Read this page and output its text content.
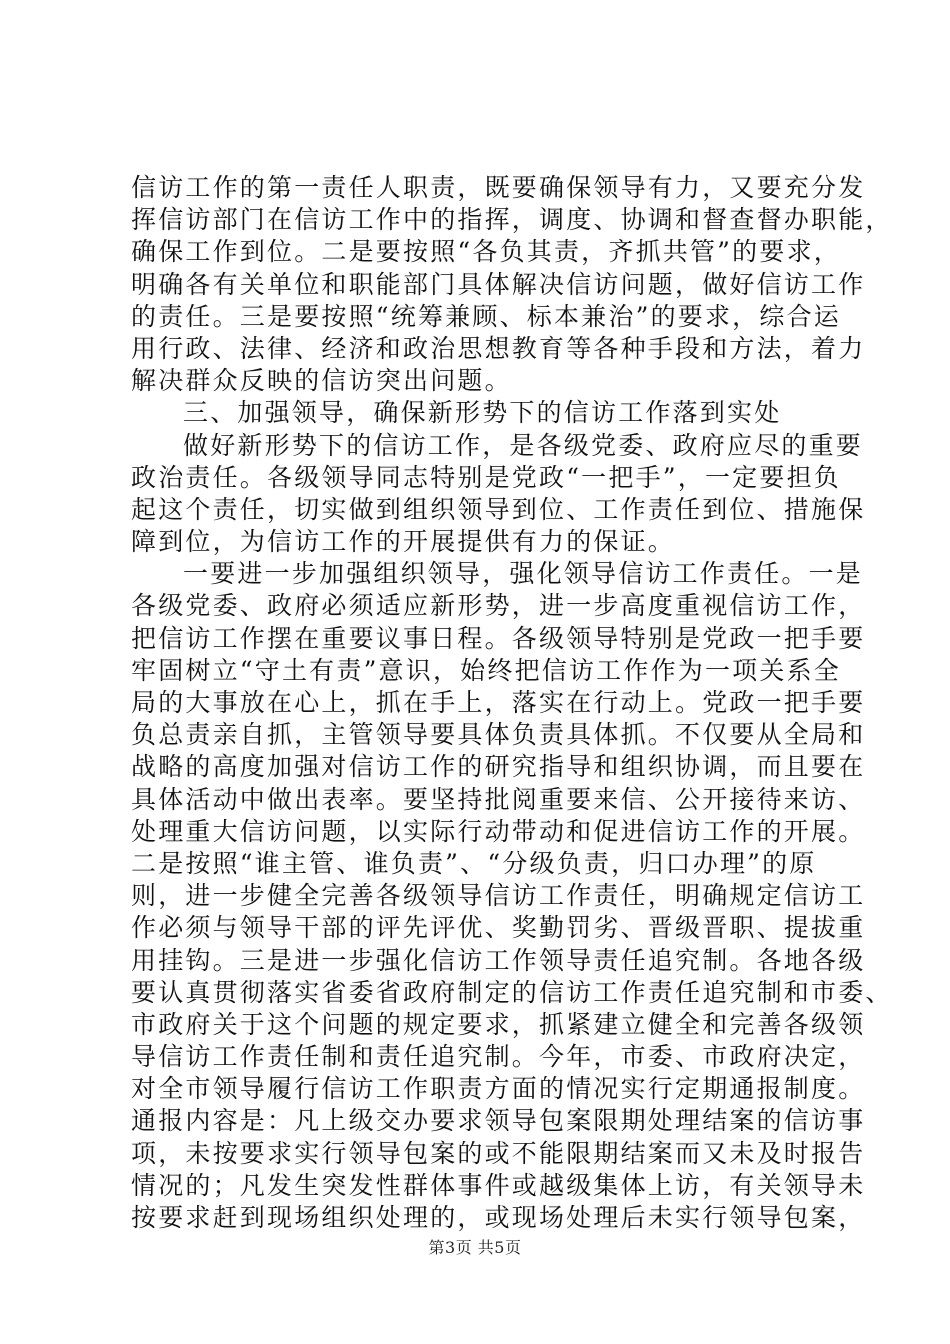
信访工作的第一责任人职责，既要确保领导有力，又要充分发
挥信访部门在信访工作中的指挥，调度、协调和督查督办职能，
确保工作到位。二是要按照“各负其责，齐抓共管”的要求，
明确各有关单位和职能部门具体解决信访问题，做好信访工作
的责任。三是要按照“统筹兼顾、标本兼治”的要求，综合运
用行政、法律、经济和政治思想教育等各种手段和方法，着力
解决群众反映的信访突出问题。
三、加强领导，确保新形势下的信访工作落到实处
做好新形势下的信访工作，是各级党委、政府应尽的重要
政治责任。各级领导同志特别是党政“一把手”，一定要担负
起这个责任，切实做到组织领导到位、工作责任到位、措施保
障到位，为信访工作的开展提供有力的保证。
一要进一步加强组织领导，强化领导信访工作责任。一是
各级党委、政府必须适应新形势，进一步高度重视信访工作，
把信访工作摆在重要议事日程。各级领导特别是党政一把手要
牢固树立“守土有责”意识，始终把信访工作作为一项关系全
局的大事放在心上，抓在手上，落实在行动上。党政一把手要
负总责亲自抓，主管领导要具体负责具体抓。不仅要从全局和
战略的高度加强对信访工作的研究指导和组织协调，而且要在
具体活动中做出表率。要坚持批阅重要来信、公开接待来访、
处理重大信访问题，以实际行动带动和促进信访工作的开展。
二是按照“谁主管、谁负责”、“分级负责，归口办理”的原
则，进一步健全完善各级领导信访工作责任，明确规定信访工
作必须与领导干部的评先评优、奖勤罚劣、晋级晋职、提拔重
用挂钩。三是进一步强化信访工作领导责任追究制。各地各级
要认真贯彻落实省委省政府制定的信访工作责任追究制和市委、
市政府关于这个问题的规定要求，抓紧建立健全和完善各级领
导信访工作责任制和责任追究制。今年，市委、市政府决定，
对全市领导履行信访工作职责方面的情况实行定期通报制度。
通报内容是：凡上级交办要求领导包案限期处理结案的信访事
项，未按要求实行领导包案的或不能限期结案而又未及时报告
情况的；凡发生突发性群体事件或越级集体上访，有关领导未
按要求赶到现场组织处理的，或现场处理后未实行领导包案，
第3页 共5页
